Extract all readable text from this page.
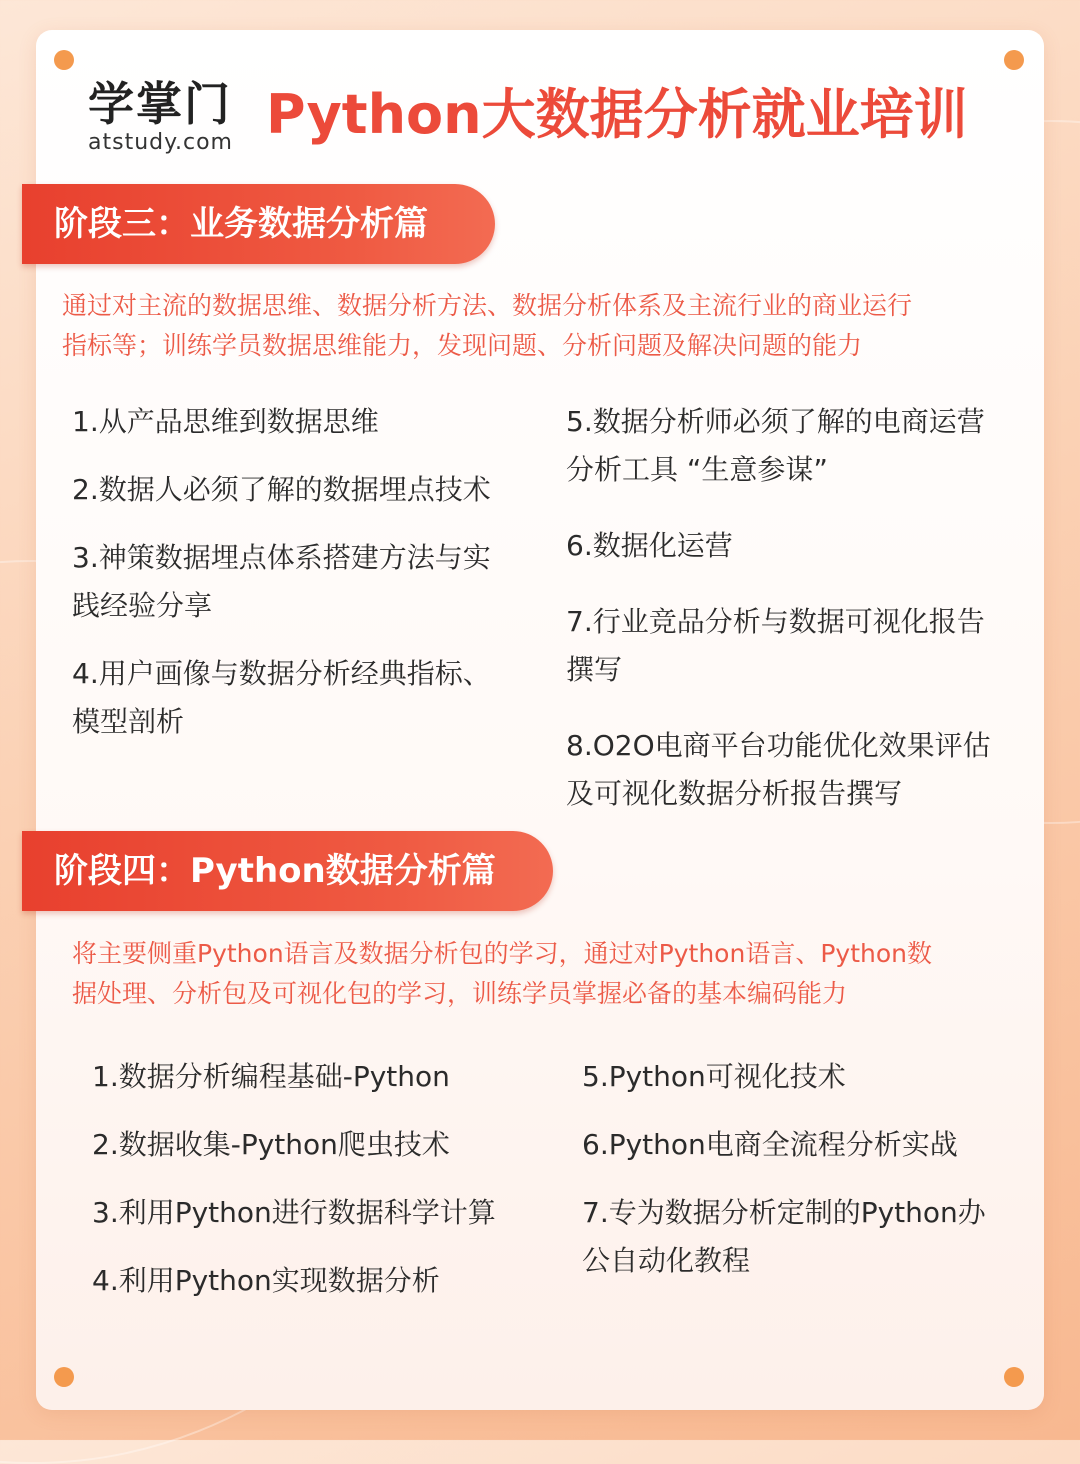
学掌门
atstudy.com Python大数据分析就业培训
阶段三：业务数据分析篇
通过对主流的数据思维、数据分析方法、数据分析体系及主流行业的商业运行
指标等；训练学员数据思维能力，发现问题、分析问题及解决问题的能力
1.从产品思维到数据思维
2.数据人必须了解的数据埋点技术
3.神策数据埋点体系搭建方法与实
践经验分享
4.用户画像与数据分析经典指标、
模型剖析
5.数据分析师必须了解的电商运营
分析工具 “生意参谋”
6.数据化运营
7.行业竞品分析与数据可视化报告
撰写
8.O2O电商平台功能优化效果评估
及可视化数据分析报告撰写
阶段四：Python数据分析篇
将主要侧重Python语言及数据分析包的学习，通过对Python语言、Python数
据处理、分析包及可视化包的学习，训练学员掌握必备的基本编码能力
1.数据分析编程基础-Python
2.数据收集-Python爬虫技术
3.利用Python进行数据科学计算
4.利用Python实现数据分析
5.Python可视化技术
6.Python电商全流程分析实战
7.专为数据分析定制的Python办
公自动化教程
